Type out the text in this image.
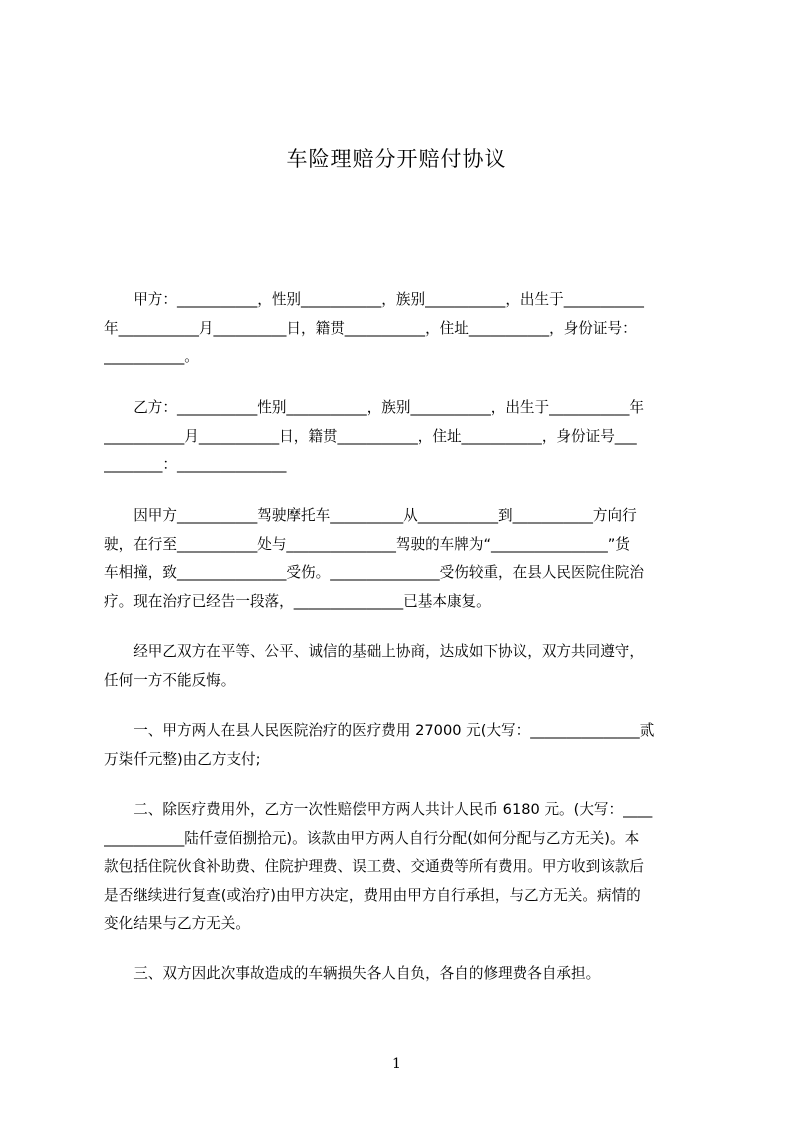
车险理赔分开赔付协议
　　甲方：___________，性别___________，族别___________，出生于___________
年___________月__________日，籍贯___________，住址___________，身份证号：
___________。
　　乙方：___________性别___________，族别___________，出生于___________年
___________月___________日，籍贯___________，住址___________，身份证号___
________：_______________
　　因甲方___________驾驶摩托车__________从___________到___________方向行
驶，在行至___________处与_______________驾驶的车牌为“________________”货
车相撞，致_______________受伤。_______________受伤较重，在县人民医院住院治
疗。现在治疗已经告一段落，_______________已基本康复。
　　经甲乙双方在平等、公平、诚信的基础上协商，达成如下协议，双方共同遵守，
任何一方不能反悔。
　　一、甲方两人在县人民医院治疗的医疗费用 27000 元(大写：_______________贰
万柒仟元整)由乙方支付;
　　二、除医疗费用外，乙方一次性赔偿甲方两人共计人民币 6180 元。(大写：____
___________陆仟壹佰捌拾元)。该款由甲方两人自行分配(如何分配与乙方无关)。本
款包括住院伙食补助费、住院护理费、误工费、交通费等所有费用。甲方收到该款后
是否继续进行复查(或治疗)由甲方决定，费用由甲方自行承担，与乙方无关。病情的
变化结果与乙方无关。
　　三、双方因此次事故造成的车辆损失各人自负，各自的修理费各自承担。
1
